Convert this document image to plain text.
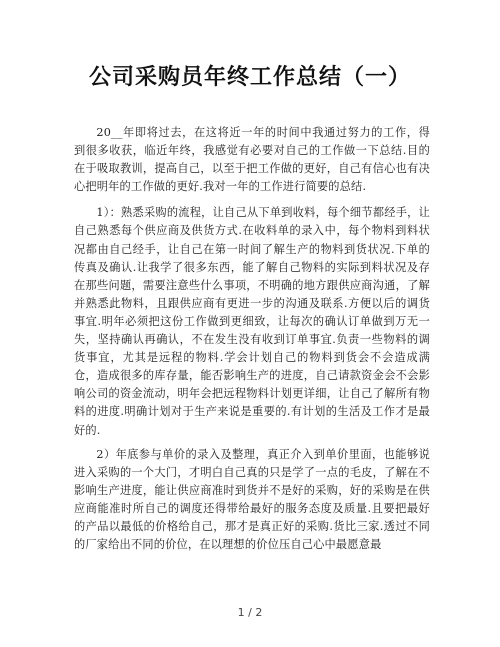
公司采购员年终工作总结（一）

20__年即将过去，在这将近一年的时间中我通过努力的工作，得到很多收获，临近年终，我感觉有必要对自己的工作做一下总结.目的在于吸取教训，提高自己，以至于把工作做的更好，自己有信心也有决心把明年的工作做的更好.我对一年的工作进行简要的总结.

1）：熟悉采购的流程，让自己从下单到收料，每个细节都经手，让自己熟悉每个供应商及供货方式.在收料单的录入中，每个物料到料状况都由自己经手，让自己在第一时间了解生产的物料到货状况.下单的传真及确认.让我学了很多东西，能了解自己物料的实际到料状况及存在那些问题，需要注意些什么事项，不明确的地方跟供应商沟通，了解并熟悉此物料，且跟供应商有更进一步的沟通及联系.方便以后的调货事宜.明年必须把这份工作做到更细致，让每次的确认订单做到万无一失，坚持确认再确认，不在发生没有收到订单事宜.负责一些物料的调货事宜，尤其是远程的物料.学会计划自己的物料到货会不会造成满仓，造成很多的库存量，能否影响生产的进度，自己请款资金会不会影响公司的资金流动，明年会把远程物料计划更详细，让自己了解所有物料的进度.明确计划对于生产来说是重要的.有计划的生活及工作才是最好的.

2）年底参与单价的录入及整理，真正介入到单价里面，也能够说进入采购的一个大门，才明白自己真的只是学了一点的毛皮，了解在不影响生产进度，能让供应商准时到货并不是好的采购，好的采购是在供应商能准时所自己的调度还得带给最好的服务态度及质量.且要把最好的产品以最低的价格给自己，那才是真正好的采购.货比三家.透过不同的厂家给出不同的价位，在以理想的价位压自己心中最愿意最

1 / 2
